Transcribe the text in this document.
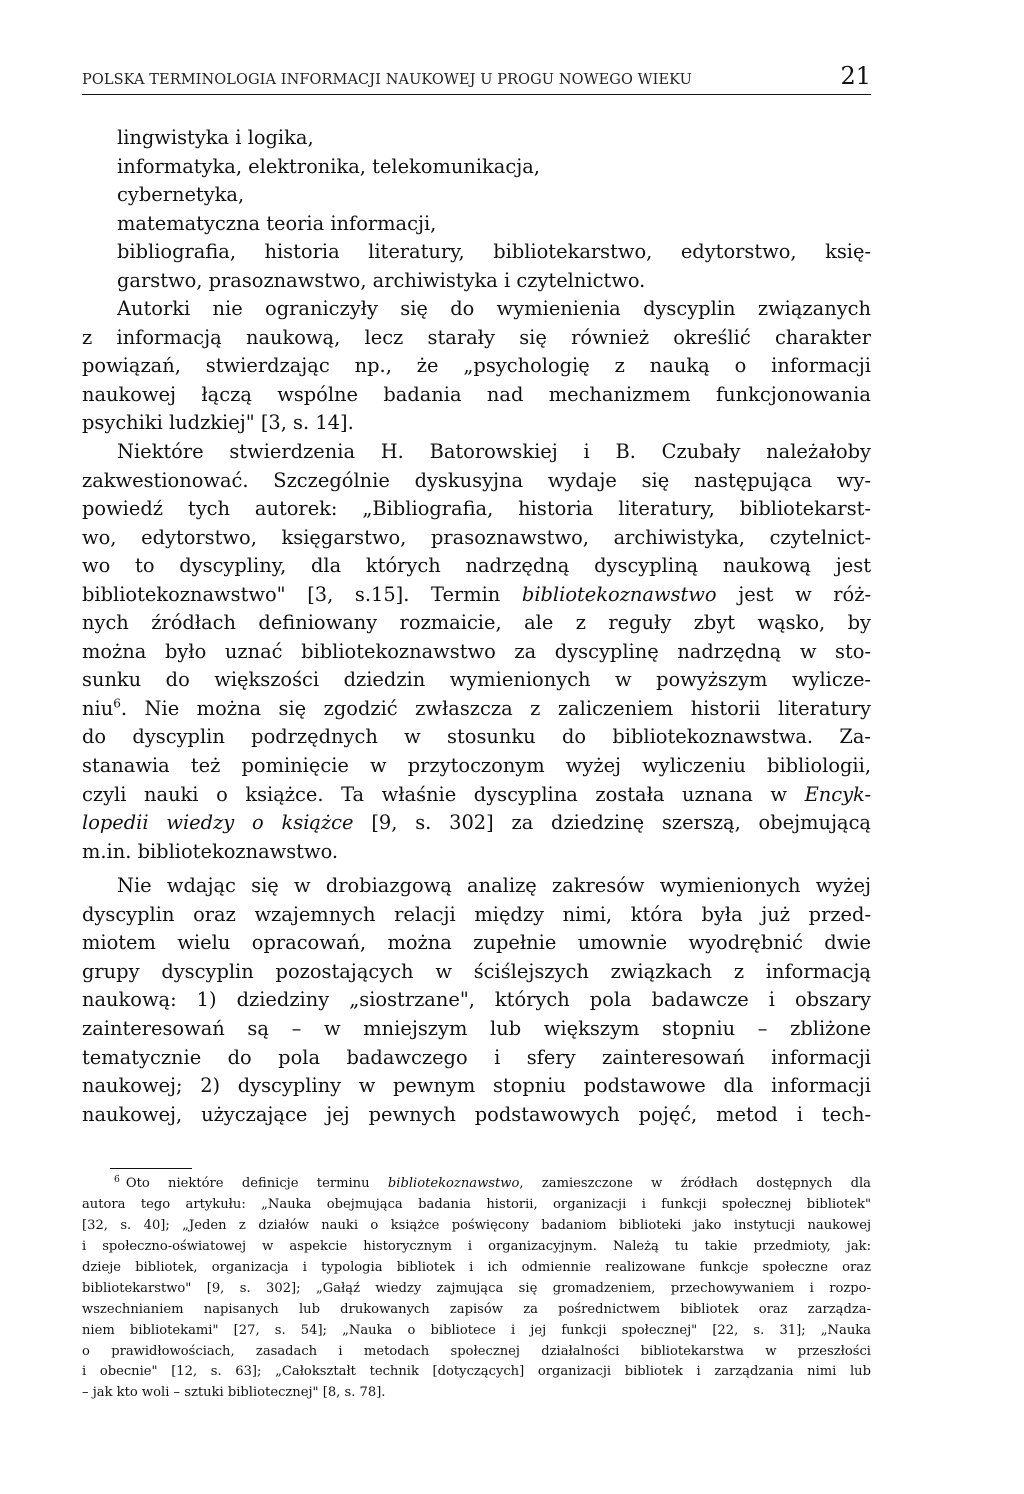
POLSKA TERMINOLOGIA INFORMACJI NAUKOWEJ U PROGU NOWEGO WIEKU	21
lingwistyka i logika,
informatyka, elektronika, telekomunikacja,
cybernetyka,
matematyczna teoria informacji,
bibliografia, historia literatury, bibliotekarstwo, edytorstwo, księ-
garstwo, prasoznawstwo, archiwistyka i czytelnictwo.
Autorki nie ograniczyły się do wymienienia dyscyplin związanych
z informacją naukową, lecz starały się również określić charakter
powiązań, stwierdzając np., że „psychologię z nauką o informacji
naukowej łączą wspólne badania nad mechanizmem funkcjonowania
psychiki ludzkiej" [3, s. 14].
Niektóre stwierdzenia H. Batorowskiej i B. Czubały należałoby
zakwestionować. Szczególnie dyskusyjna wydaje się następująca wy-
powiedź tych autorek: „Bibliografia, historia literatury, bibliotekarst-
wo, edytorstwo, księgarstwo, prasoznawstwo, archiwistyka, czytelnict-
wo to dyscypliny, dla których nadrzędną dyscypliną naukową jest
bibliotekoznawstwo" [3, s.15]. Termin bibliotekoznawstwo jest w róż-
nych źródłach definiowany rozmaicie, ale z reguły zbyt wąsko, by
można było uznać bibliotekoznawstwo za dyscyplinę nadrzędną w sto-
sunku do większości dziedzin wymienionych w powyższym wylicze-
niu$^6$. Nie można się zgodzić zwłaszcza z zaliczeniem historii literatury
do dyscyplin podrzędnych w stosunku do bibliotekoznawstwa. Za-
stanawia też pominięcie w przytoczonym wyżej wyliczeniu bibliologii,
czyli nauki o książce. Ta właśnie dyscyplina została uznana w Encyk-
lopedii wiedzy o książce [9, s. 302] za dziedzinę szerszą, obejmującą
m.in. bibliotekoznawstwo.
Nie wdając się w drobiazgową analizę zakresów wymienionych wyżej
dyscyplin oraz wzajemnych relacji między nimi, która była już przed-
miotem wielu opracowań, można zupełnie umownie wyodrębnić dwie
grupy dyscyplin pozostających w ściślejszych związkach z informacją
naukową: 1) dziedziny „siostrzane", których pola badawcze i obszary
zainteresowań są – w mniejszym lub większym stopniu – zbliżone
tematycznie do pola badawczego i sfery zainteresowań informacji
naukowej; 2) dyscypliny w pewnym stopniu podstawowe dla informacji
naukowej, użyczające jej pewnych podstawowych pojęć, metod i tech-
$^6$ Oto niektóre definicje terminu bibliotekoznawstwo, zamieszczone w źródłach dostępnych dla
autora tego artykułu: „Nauka obejmująca badania historii, organizacji i funkcji społecznej bibliotek"
[32, s. 40]; „Jeden z działów nauki o książce poświęcony badaniom biblioteki jako instytucji naukowej
i społeczno-oświatowej w aspekcie historycznym i organizacyjnym. Należą tu takie przedmioty, jak:
dzieje bibliotek, organizacja i typologia bibliotek i ich odmiennie realizowane funkcje społeczne oraz
bibliotekarstwo" [9, s. 302]; „Gałąź wiedzy zajmująca się gromadzeniem, przechowywaniem i rozpo-
wszechnianiem napisanych lub drukowanych zapisów za pośrednictwem bibliotek oraz zarządza-
niem bibliotekami" [27, s. 54]; „Nauka o bibliotece i jej funkcji społecznej" [22, s. 31]; „Nauka
o prawidłowościach, zasadach i metodach społecznej działalności bibliotekarstwa w przeszłości
i obecnie" [12, s. 63]; „Całokształt technik [dotyczących] organizacji bibliotek i zarządzania nimi lub
– jak kto woli – sztuki bibliotecznej" [8, s. 78].
